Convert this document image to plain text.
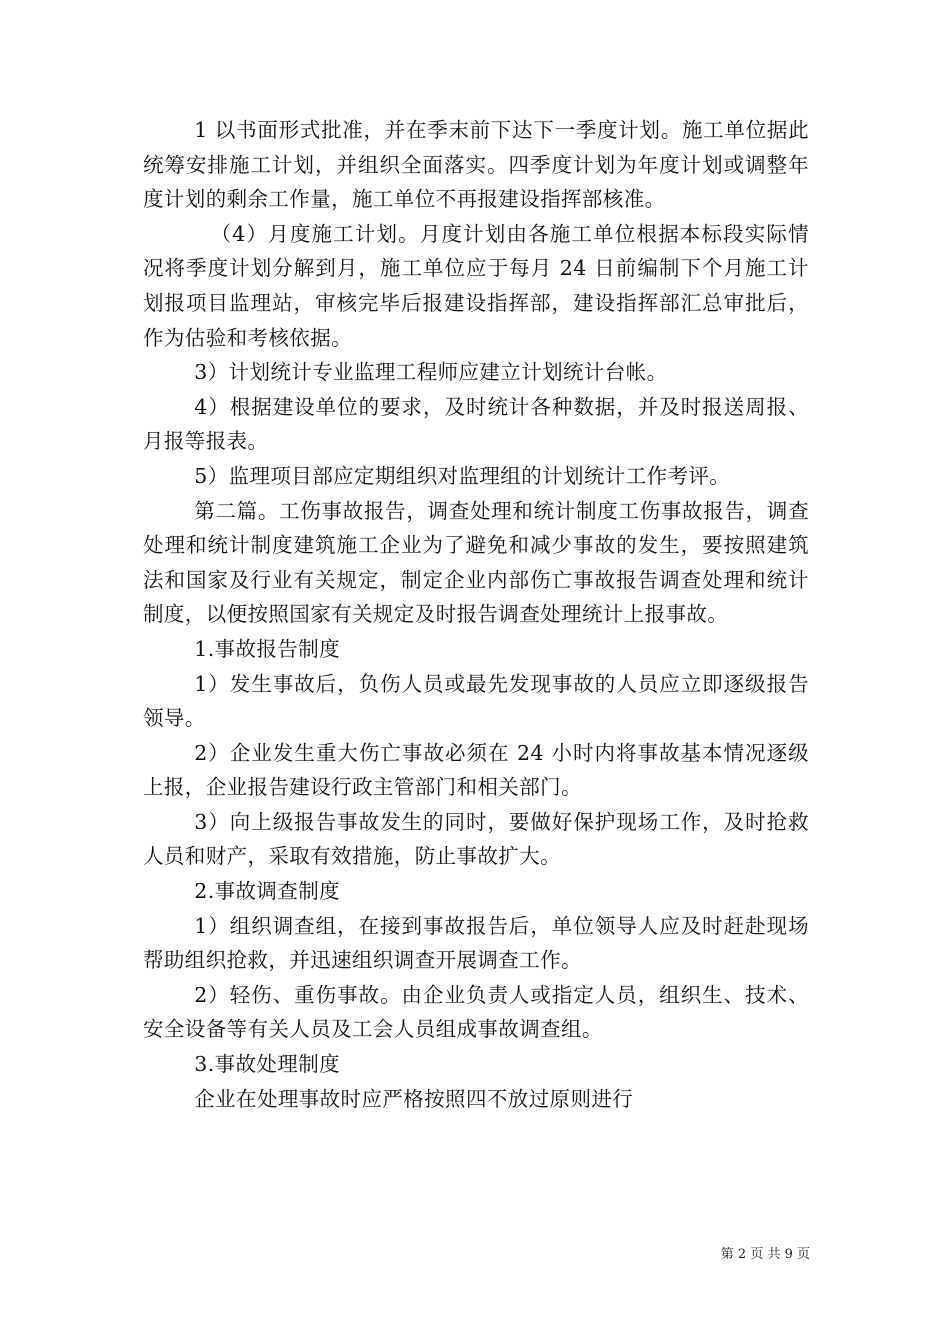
1 以书面形式批准，并在季末前下达下一季度计划。施工单位据此统筹安排施工计划，并组织全面落实。四季度计划为年度计划或调整年度计划的剩余工作量，施工单位不再报建设指挥部核准。

（4）月度施工计划。月度计划由各施工单位根据本标段实际情况将季度计划分解到月，施工单位应于每月 24 日前编制下个月施工计划报项目监理站，审核完毕后报建设指挥部，建设指挥部汇总审批后，作为估验和考核依据。

3）计划统计专业监理工程师应建立计划统计台帐。

4）根据建设单位的要求，及时统计各种数据，并及时报送周报、月报等报表。

5）监理项目部应定期组织对监理组的计划统计工作考评。

第二篇。工伤事故报告，调查处理和统计制度工伤事故报告，调查处理和统计制度建筑施工企业为了避免和减少事故的发生，要按照建筑法和国家及行业有关规定，制定企业内部伤亡事故报告调查处理和统计制度，以便按照国家有关规定及时报告调查处理统计上报事故。

1.事故报告制度

1）发生事故后，负伤人员或最先发现事故的人员应立即逐级报告领导。

2）企业发生重大伤亡事故必须在 24 小时内将事故基本情况逐级上报，企业报告建设行政主管部门和相关部门。

3）向上级报告事故发生的同时，要做好保护现场工作，及时抢救人员和财产，采取有效措施，防止事故扩大。

2.事故调查制度

1）组织调查组，在接到事故报告后，单位领导人应及时赶赴现场帮助组织抢救，并迅速组织调查开展调查工作。

2）轻伤、重伤事故。由企业负责人或指定人员，组织生、技术、安全设备等有关人员及工会人员组成事故调查组。

3.事故处理制度

企业在处理事故时应严格按照四不放过原则进行

第 2 页 共 9 页
